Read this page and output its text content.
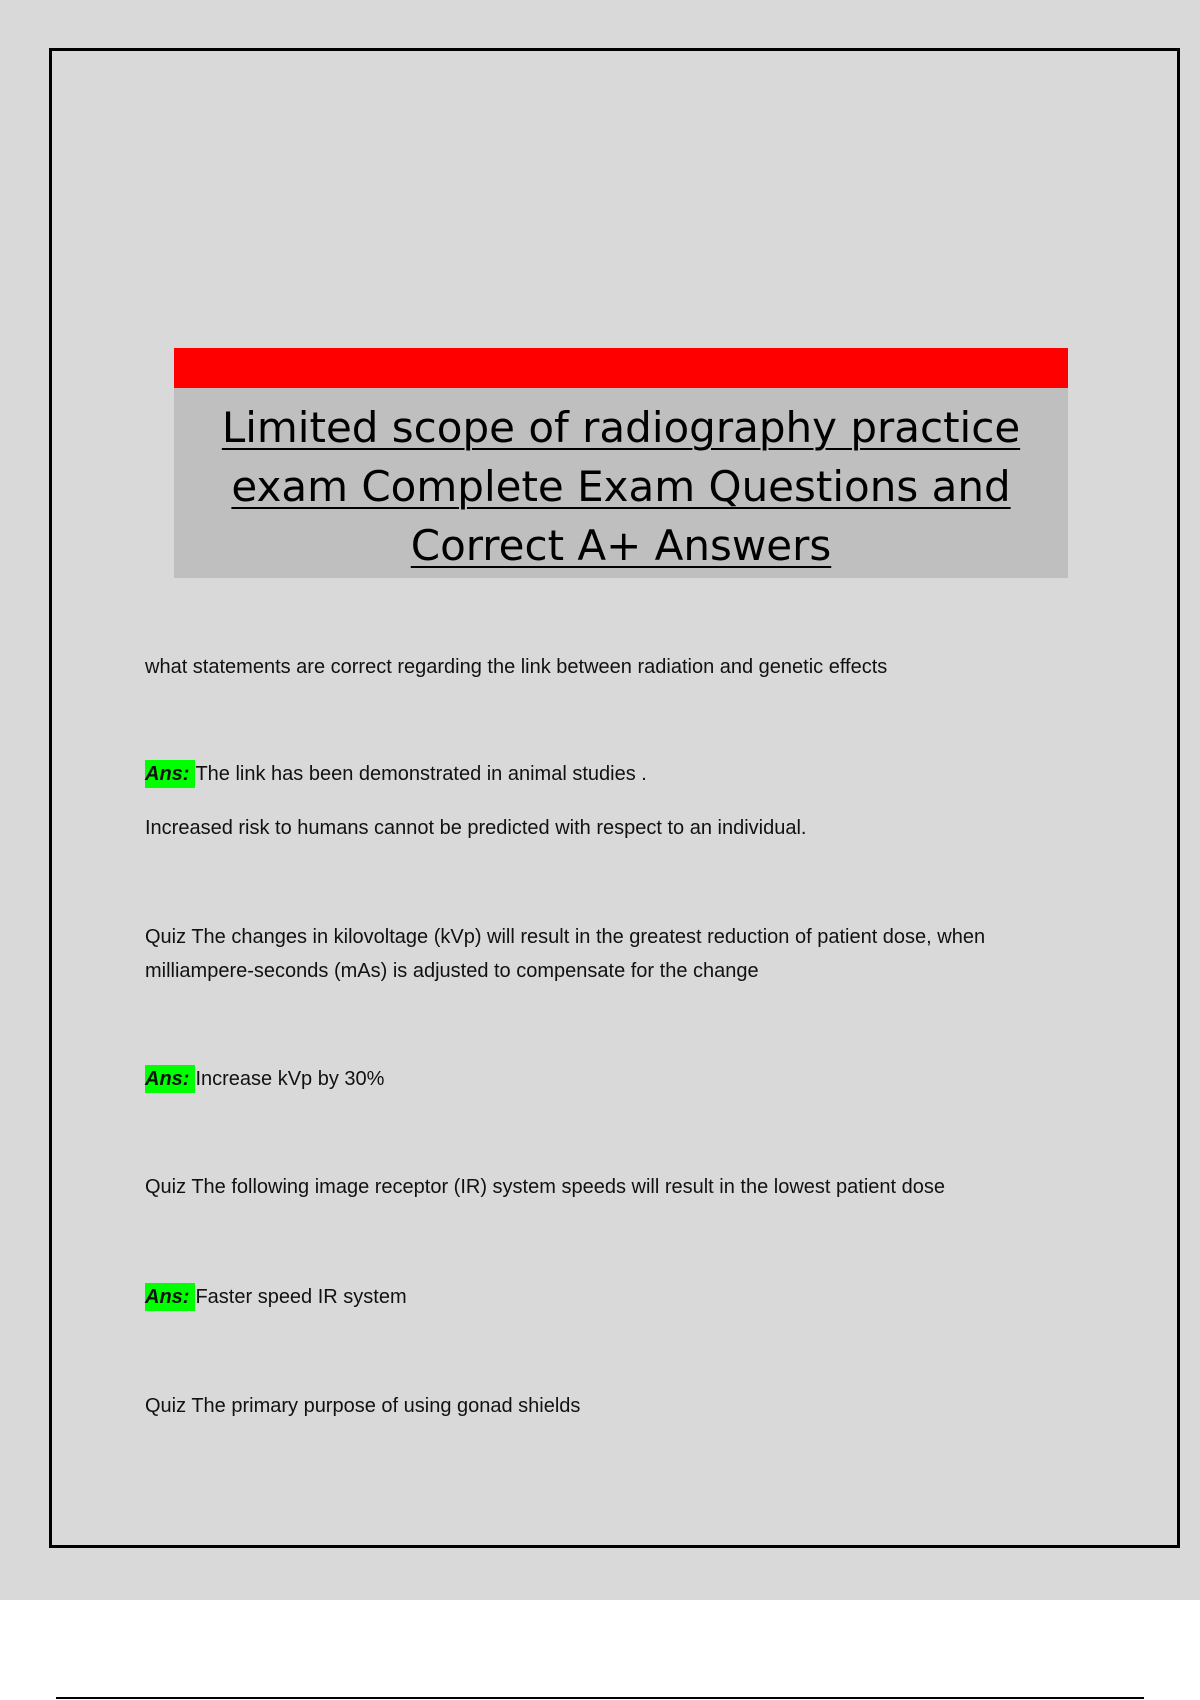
Limited scope of radiography practice exam Complete Exam Questions and Correct A+ Answers
what statements are correct regarding the link between radiation and genetic effects
Ans: The link has been demonstrated in animal studies .
Increased risk to humans cannot be predicted with respect to an individual.
Quiz The changes in kilovoltage (kVp) will result in the greatest reduction of patient dose, when milliampere-seconds (mAs) is adjusted to compensate for the change
Ans: Increase kVp by 30%
Quiz The following image receptor (IR) system speeds will result in the lowest patient dose
Ans: Faster speed IR system
Quiz The primary purpose of using gonad shields
